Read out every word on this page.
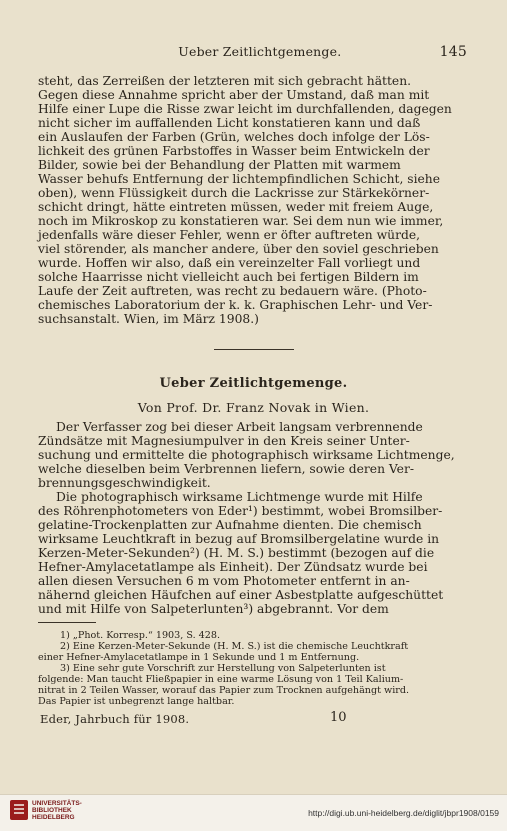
Ueber Zeitlichtgemenge.	145

steht, das Zerreißen der letzteren mit sich gebracht hätten.
Gegen diese Annahme spricht aber der Umstand, daß man mit
Hilfe einer Lupe die Risse zwar leicht im durchfallenden, dagegen
nicht sicher im auffallenden Licht konstatieren kann und daß
ein Auslaufen der Farben (Grün, welches doch infolge der Lös-
lichkeit des grünen Farbstoffes in Wasser beim Entwickeln der
Bilder, sowie bei der Behandlung der Platten mit warmem
Wasser behufs Entfernung der lichtempfindlichen Schicht, siehe
oben), wenn Flüssigkeit durch die Lackrisse zur Stärkekörner-
schicht dringt, hätte eintreten müssen, weder mit freiem Auge,
noch im Mikroskop zu konstatieren war. Sei dem nun wie immer,
jedenfalls wäre dieser Fehler, wenn er öfter auftreten würde,
viel störender, als mancher andere, über den soviel geschrieben
wurde. Hoffen wir also, daß ein vereinzelter Fall vorliegt und
solche Haarrisse nicht vielleicht auch bei fertigen Bildern im
Laufe der Zeit auftreten, was recht zu bedauern wäre. (Photo-
chemisches Laboratorium der k. k. Graphischen Lehr- und Ver-
suchsanstalt. Wien, im März 1908.)

Ueber Zeitlichtgemenge.
Von Prof. Dr. Franz Novak in Wien.

Der Verfasser zog bei dieser Arbeit langsam verbrennende
Zündsätze mit Magnesiumpulver in den Kreis seiner Unter-
suchung und ermittelte die photographisch wirksame Lichtmenge,
welche dieselben beim Verbrennen liefern, sowie deren Ver-
brennungsgeschwindigkeit.

Die photographisch wirksame Lichtmenge wurde mit Hilfe
des Röhrenphotometers von Eder¹) bestimmt, wobei Bromsilber-
gelatine-Trockenplatten zur Aufnahme dienten. Die chemisch
wirksame Leuchtkraft in bezug auf Bromsilbergelatine wurde in
Kerzen-Meter-Sekunden²) (H. M. S.) bestimmt (bezogen auf die
Hefner-Amylacetatlampe als Einheit). Der Zündsatz wurde bei
allen diesen Versuchen 6 m vom Photometer entfernt in an-
nähernd gleichen Häufchen auf einer Asbestplatte aufgeschüttet
und mit Hilfe von Salpeterlunten³) abgebrannt. Vor dem

1) „Phot. Korresp.“ 1903, S. 428.

2) Eine Kerzen-Meter-Sekunde (H. M. S.) ist die chemische Leuchtkraft
einer Hefner-Amylacetatlampe in 1 Sekunde und 1 m Entfernung.

3) Eine sehr gute Vorschrift zur Herstellung von Salpeterlunten ist
folgende: Man taucht Fließpapier in eine warme Lösung von 1 Teil Kalium-
nitrat in 2 Teilen Wasser, worauf das Papier zum Trocknen aufgehängt wird.
Das Papier ist unbegrenzt lange haltbar.

Eder, Jahrbuch für 1908.	10
UNIVERSITÄTS-
BIBLIOTHEK
HEIDELBERG	http://digi.ub.uni-heidelberg.de/diglit/jbpr1908/0159
